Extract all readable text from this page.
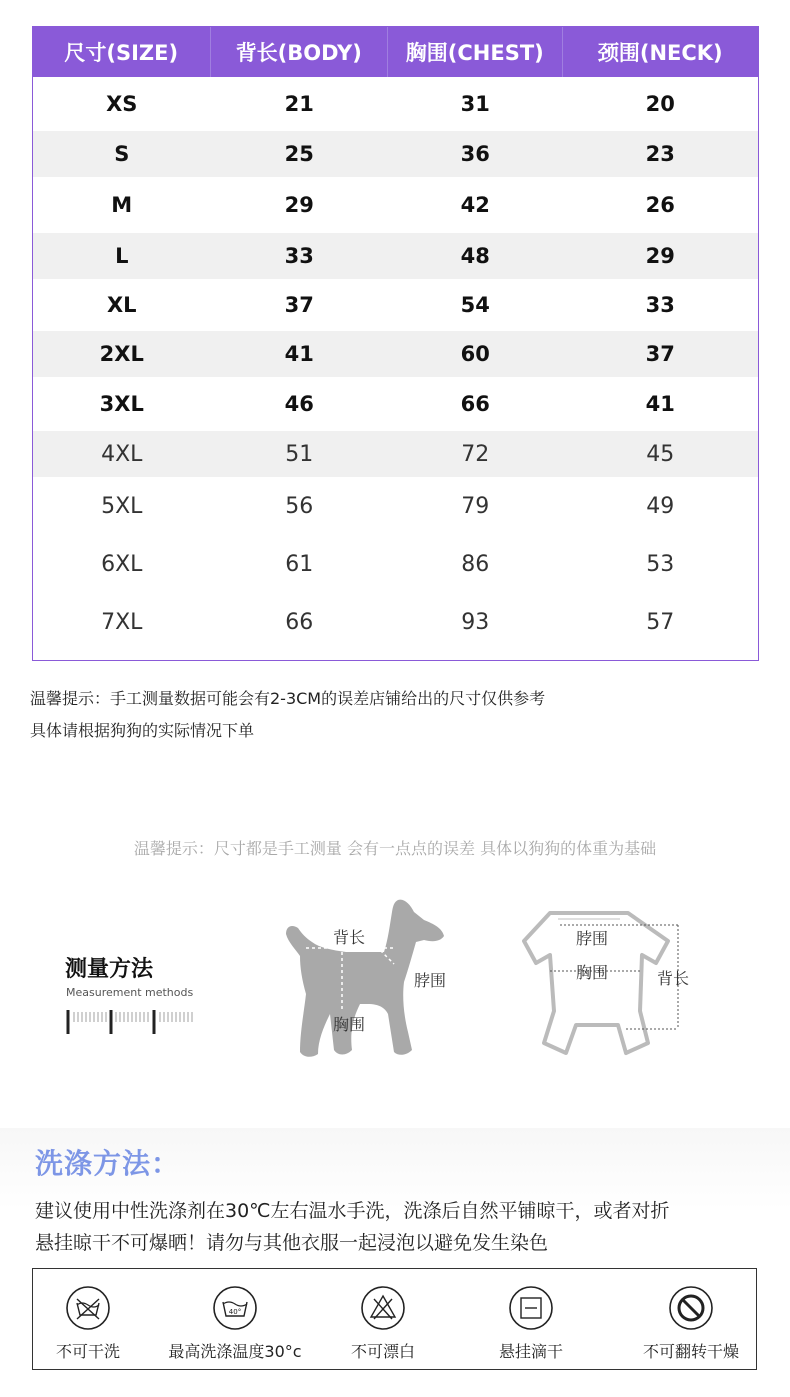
尺寸(SIZE)	背长(BODY)	胸围(CHEST)	颈围(NECK)
XS	21	31	20
S	25	36	23
M	29	42	26
L	33	48	29
XL	37	54	33
2XL	41	60	37
3XL	46	66	41
4XL	51	72	45
5XL	56	79	49
6XL	61	86	53
7XL	66	93	57
温馨提示：手工测量数据可能会有2-3CM的误差店铺给出的尺寸仅供参考
具体请根据狗狗的实际情况下单
温馨提示：尺寸都是手工测量 会有一点点的误差 具体以狗狗的体重为基础
测量方法
Measurement methods
背长
脖围
胸围
脖围
胸围	背长
洗涤方法：
建议使用中性洗涤剂在30℃左右温水手洗，洗涤后自然平铺晾干，或者对折
悬挂晾干不可爆晒！请勿与其他衣服一起浸泡以避免发生染色
不可干洗
40°
最高洗涤温度30°c	不可漂白	悬挂滴干	不可翻转干燥
